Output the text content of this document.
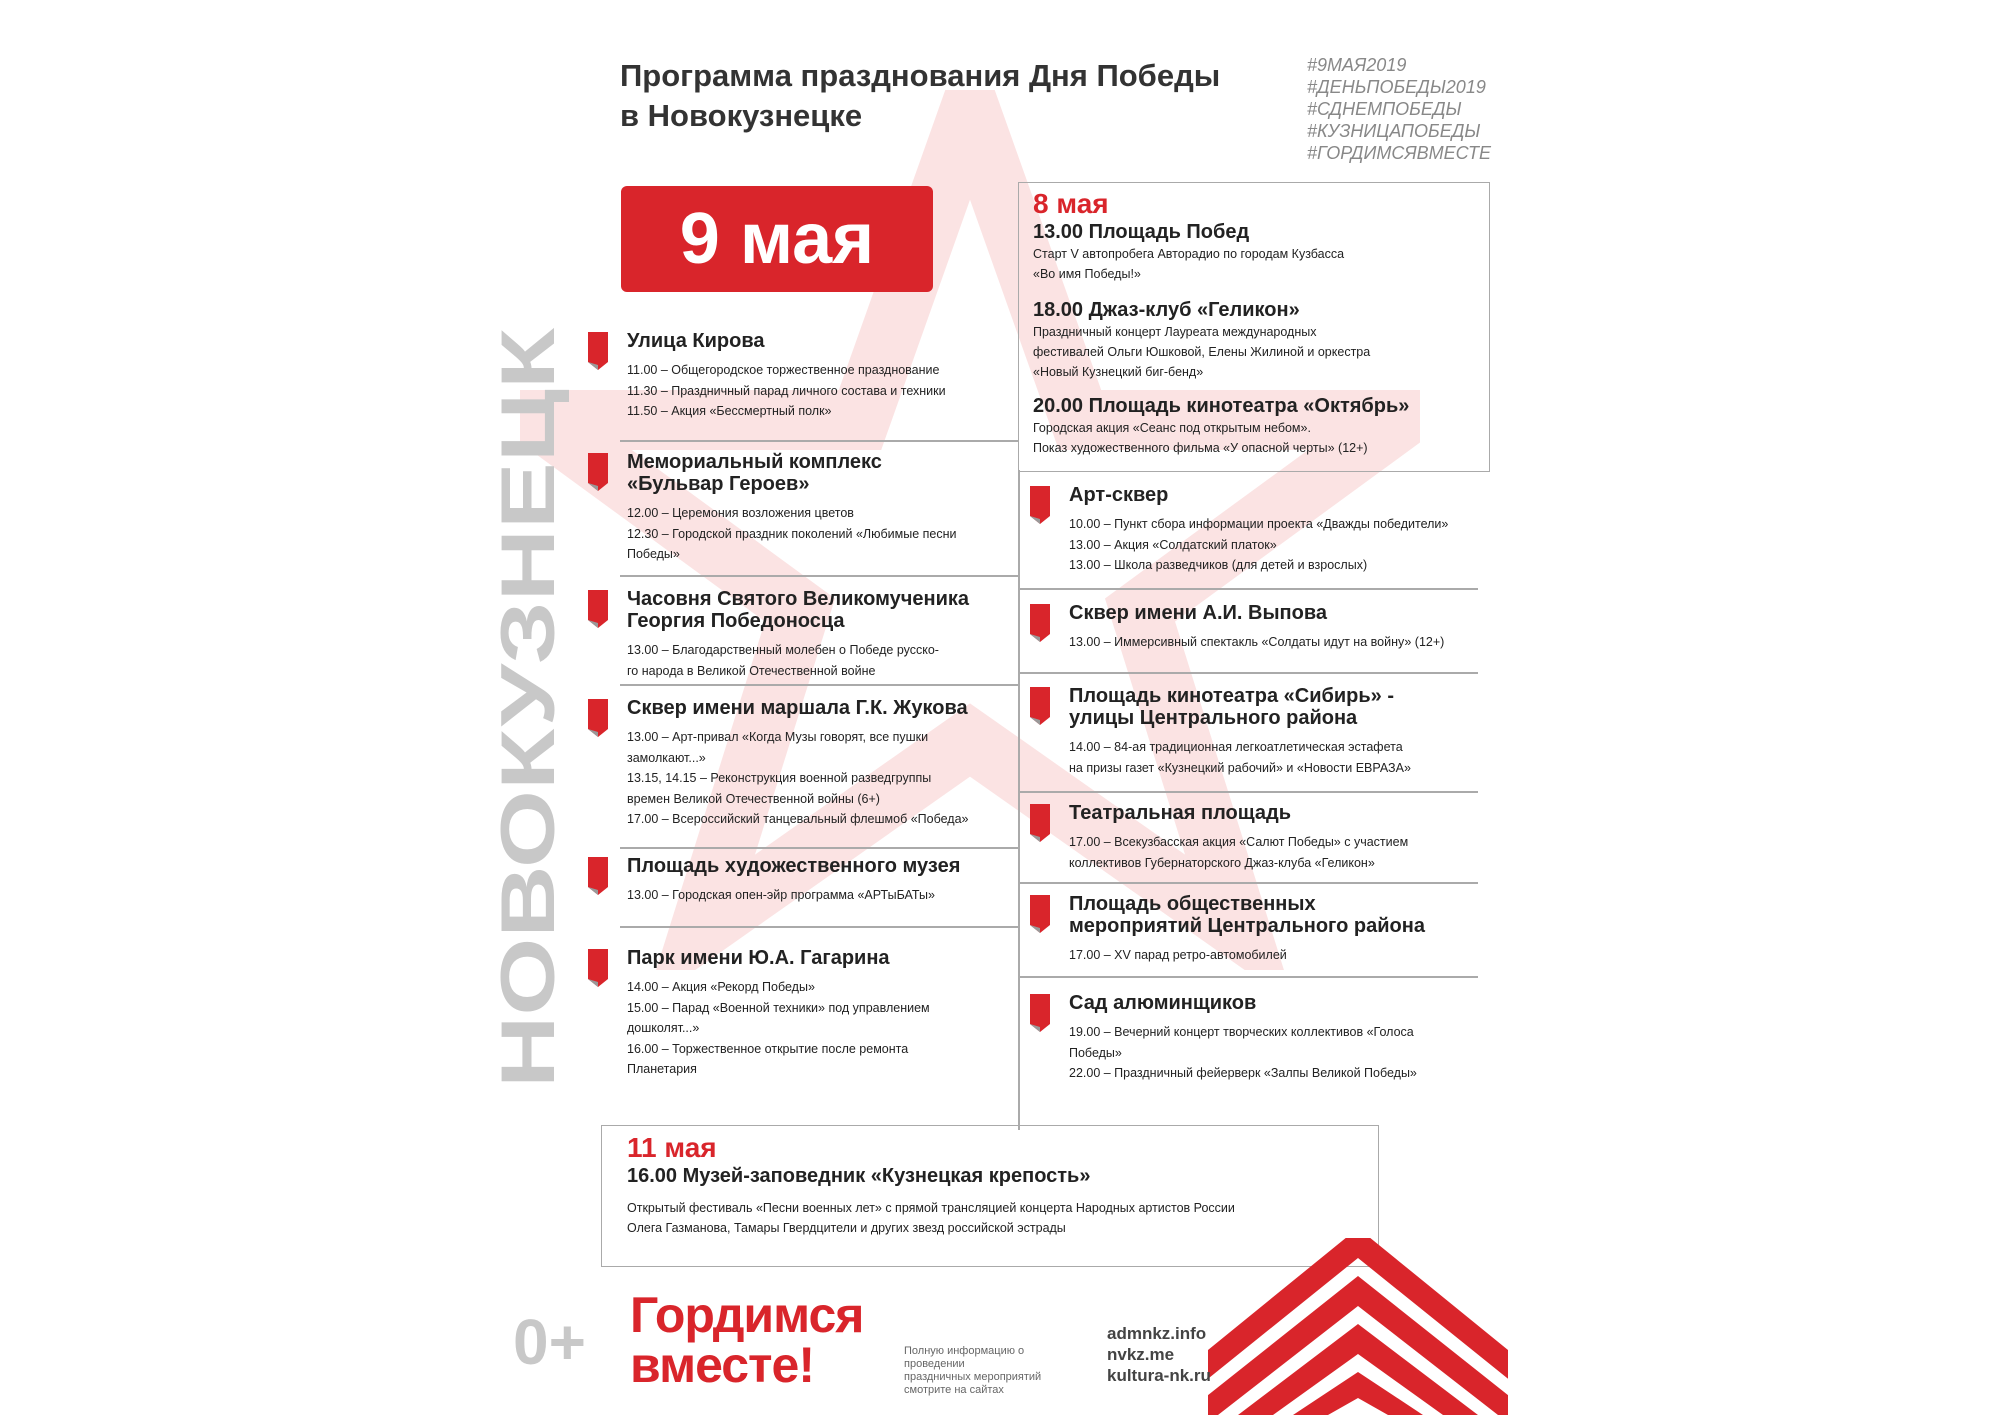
Программа празднования Дня Победы
в Новокузнецке
#9МАЯ2019
#ДЕНЬПОБЕДЫ2019
#СДНЕМПОБЕДЫ
#КУЗНИЦАПОБЕДЫ
#ГОРДИМСЯВМЕСТЕ
9 мая
НОВОКУЗНЕЦК
Улица Кирова
11.00 – Общегородское торжественное празднование
11.30 – Праздничный парад личного состава и техники
11.50 – Акция «Бессмертный полк»
Мемориальный комплекс
«Бульвар Героев»
12.00 – Церемония возложения цветов
12.30 – Городской праздник поколений «Любимые песни
Победы»
Часовня Святого Великомученика
Георгия Победоносца
13.00 – Благодарственный молебен о Победе русско-
го народа в Великой Отечественной войне
Сквер имени маршала Г.К. Жукова
13.00 – Арт-привал «Когда Музы говорят, все пушки
замолкают...»
13.15, 14.15 – Реконструкция военной разведгруппы
времен Великой Отечественной войны (6+)
17.00 – Всероссийский танцевальный флешмоб «Победа»
Площадь художественного музея
13.00 – Городская опен-эйр программа «АРТыБАТы»
Парк имени Ю.А. Гагарина
14.00 – Акция «Рекорд Победы»
15.00 – Парад «Военной техники» под управлением
дошколят...»
16.00 – Торжественное открытие после ремонта
Планетария
8 мая
13.00 Площадь Побед
Старт V автопробега Авторадио по городам Кузбасса
«Во имя Победы!»
18.00 Джаз-клуб «Геликон»
Праздничный концерт Лауреата международных
фестивалей Ольги Юшковой, Елены Жилиной и оркестра
«Новый Кузнецкий биг-бенд»
20.00 Площадь кинотеатра «Октябрь»
Городская акция «Сеанс под открытым небом».
Показ художественного фильма «У опасной черты» (12+)
Арт-сквер
10.00 – Пункт сбора информации проекта «Дважды победители»
13.00 – Акция «Солдатский платок»
13.00 – Школа разведчиков (для детей и взрослых)
Сквер имени А.И. Выпова
13.00 – Иммерсивный спектакль «Солдаты идут на войну» (12+)
Площадь кинотеатра «Сибирь» -
улицы Центрального района
14.00 – 84-ая традиционная легкоатлетическая эстафета
на призы газет «Кузнецкий рабочий» и «Новости ЕВРАЗА»
Театральная площадь
17.00 – Всекузбасская акция «Салют Победы» с участием
коллективов Губернаторского Джаз-клуба «Геликон»
Площадь общественных
мероприятий Центрального района
17.00 – XV парад ретро-автомобилей
Сад алюминщиков
19.00 – Вечерний концерт творческих коллективов «Голоса
Победы»
22.00 – Праздничный фейерверк «Залпы Великой Победы»
11 мая
16.00 Музей-заповедник «Кузнецкая крепость»
Открытый фестиваль «Песни военных лет» с прямой трансляцией концерта Народных артистов России
Олега Газманова, Тамары Гвердцители и других звезд российской эстрады
0+ Гордимся
вместе!	Полную информацию о проведении
праздничных мероприятий
смотрите на сайтах
admnkz.info
nvkz.me
kultura-nk.ru
